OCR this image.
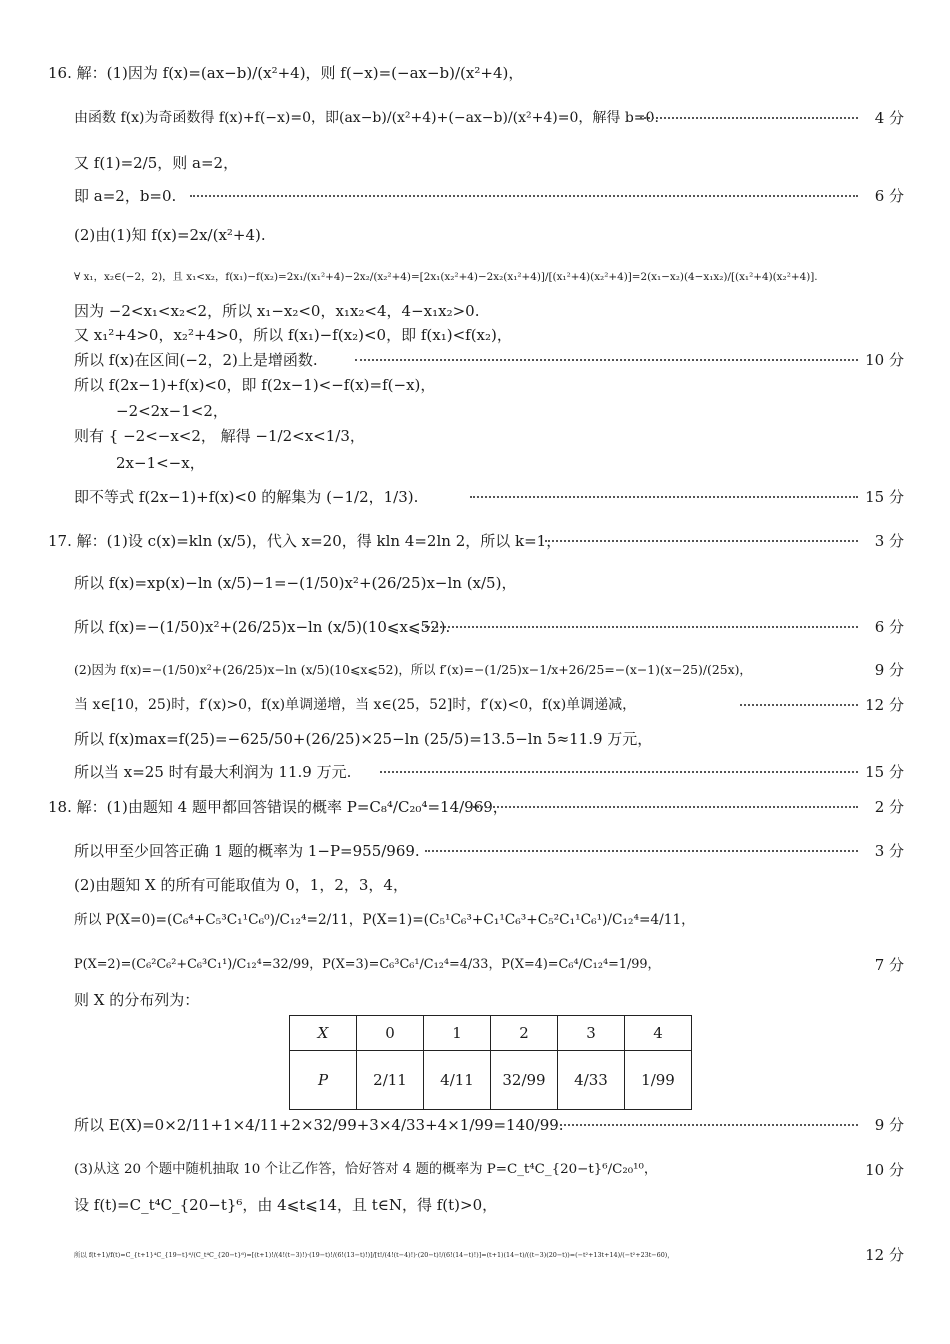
16. 解：(1)因为 f(x)=(ax−b)/(x²+4)，则 f(−x)=(−ax−b)/(x²+4)，
由函数 f(x)为奇函数得 f(x)+f(−x)=0，即(ax−b)/(x²+4)+(−ax−b)/(x²+4)=0，解得 b=0.	4 分
又 f(1)=2/5，则 a=2，
即 a=2，b=0.	6 分
(2)由(1)知 f(x)=2x/(x²+4).
∀ x₁，x₂∈(−2，2)，且 x₁<x₂，f(x₁)−f(x₂)=2x₁/(x₁²+4)−2x₂/(x₂²+4)=[2x₁(x₂²+4)−2x₂(x₁²+4)]/[(x₁²+4)(x₂²+4)]=2(x₁−x₂)(4−x₁x₂)/[(x₁²+4)(x₂²+4)].
因为 −2<x₁<x₂<2，所以 x₁−x₂<0，x₁x₂<4，4−x₁x₂>0.
又 x₁²+4>0，x₂²+4>0，所以 f(x₁)−f(x₂)<0，即 f(x₁)<f(x₂)，
所以 f(x)在区间(−2，2)上是增函数.	10 分
所以 f(2x−1)+f(x)<0，即 f(2x−1)<−f(x)=f(−x)，
−2<2x−1<2，
则有 { −2<−x<2， 解得 −1/2<x<1/3，
2x−1<−x，
即不等式 f(2x−1)+f(x)<0 的解集为 (−1/2，1/3).	15 分
17. 解：(1)设 c(x)=kln (x/5)，代入 x=20，得 kln 4=2ln 2，所以 k=1，	3 分
所以 f(x)=xp(x)−ln (x/5)−1=−(1/50)x²+(26/25)x−ln (x/5)，
所以 f(x)=−(1/50)x²+(26/25)x−ln (x/5)(10⩽x⩽52).	6 分
(2)因为 f(x)=−(1/50)x²+(26/25)x−ln (x/5)(10⩽x⩽52)，所以 f′(x)=−(1/25)x−1/x+26/25=−(x−1)(x−25)/(25x)，	9 分
当 x∈[10，25)时，f′(x)>0，f(x)单调递增，当 x∈(25，52]时，f′(x)<0，f(x)单调递减，	12 分
所以 f(x)max=f(25)=−625/50+(26/25)×25−ln (25/5)=13.5−ln 5≈11.9 万元，
所以当 x=25 时有最大利润为 11.9 万元.	15 分
18. 解：(1)由题知 4 题甲都回答错误的概率 P=C₈⁴/C₂₀⁴=14/969，	2 分
所以甲至少回答正确 1 题的概率为 1−P=955/969.	3 分
(2)由题知 X 的所有可能取值为 0，1，2，3，4，
所以 P(X=0)=(C₆⁴+C₅³C₁¹C₆⁰)/C₁₂⁴=2/11，P(X=1)=(C₅¹C₆³+C₁¹C₆³+C₅²C₁¹C₆¹)/C₁₂⁴=4/11，
P(X=2)=(C₆²C₆²+C₆³C₁¹)/C₁₂⁴=32/99，P(X=3)=C₆³C₆¹/C₁₂⁴=4/33，P(X=4)=C₆⁴/C₁₂⁴=1/99，	7 分
则 X 的分布列为：
X	0	1	2	3	4
P	2/11	4/11	32/99	4/33	1/99
所以 E(X)=0×2/11+1×4/11+2×32/99+3×4/33+4×1/99=140/99.	9 分
(3)从这 20 个题中随机抽取 10 个让乙作答，恰好答对 4 题的概率为 P=C_t⁴C_{20−t}⁶/C₂₀¹⁰，	10 分
设 f(t)=C_t⁴C_{20−t}⁶，由 4⩽t⩽14，且 t∈N，得 f(t)>0，
所以 f(t+1)/f(t)=C_{t+1}⁴C_{19−t}⁶/(C_t⁴C_{20−t}⁶)=[(t+1)!/(4!(t−3)!)·(19−t)!/(6!(13−t)!)]/[t!/(4!(t−4)!)·(20−t)!/(6!(14−t)!)]=(t+1)(14−t)/((t−3)(20−t))=(−t²+13t+14)/(−t²+23t−60)，	12 分
